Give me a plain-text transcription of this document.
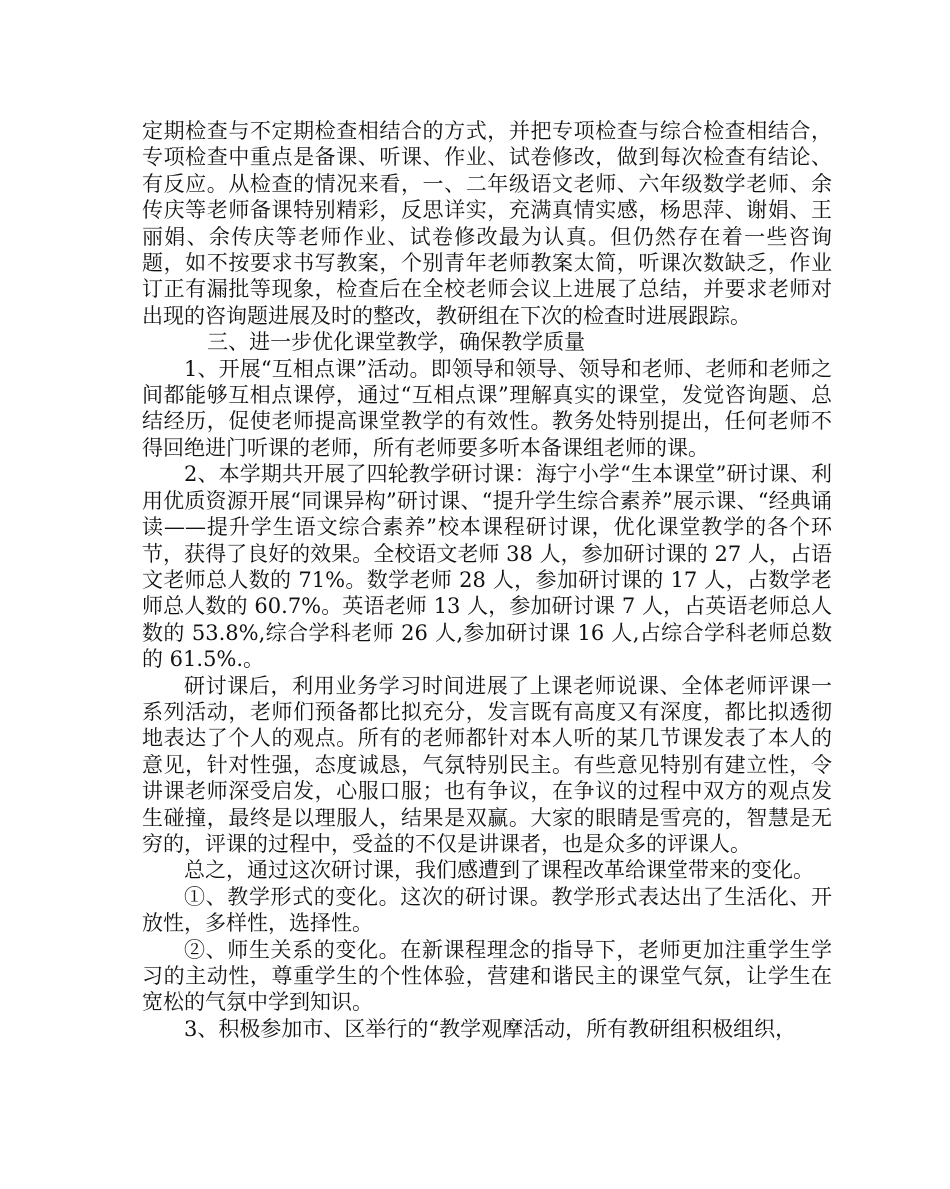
定期检查与不定期检查相结合的方式，并把专项检查与综合检查相结合，专项检查中重点是备课、听课、作业、试卷修改，做到每次检查有结论、有反应。从检查的情况来看，一、二年级语文老师、六年级数学老师、余传庆等老师备课特别精彩，反思详实，充满真情实感，杨思萍、谢娟、王丽娟、余传庆等老师作业、试卷修改最为认真。但仍然存在着一些咨询题，如不按要求书写教案，个别青年老师教案太简，听课次数缺乏，作业订正有漏批等现象，检查后在全校老师会议上进展了总结，并要求老师对出现的咨询题进展及时的整改，教研组在下次的检查时进展跟踪。

三、进一步优化课堂教学，确保教学质量

1、开展“互相点课”活动。即领导和领导、领导和老师、老师和老师之间都能够互相点课停，通过“互相点课”理解真实的课堂，发觉咨询题、总结经历，促使老师提高课堂教学的有效性。教务处特别提出，任何老师不得回绝进门听课的老师，所有老师要多听本备课组老师的课。

2、本学期共开展了四轮教学研讨课：海宁小学“生本课堂”研讨课、利用优质资源开展“同课异构”研讨课、“提升学生综合素养”展示课、“经典诵读——提升学生语文综合素养”校本课程研讨课，优化课堂教学的各个环节，获得了良好的效果。全校语文老师 38 人，参加研讨课的 27 人，占语文老师总人数的 71%。数学老师 28 人，参加研讨课的 17 人，占数学老师总人数的 60.7%。英语老师 13 人，参加研讨课 7 人，占英语老师总人数的 53.8%,综合学科老师 26 人,参加研讨课 16 人,占综合学科老师总数的 61.5%.。

研讨课后，利用业务学习时间进展了上课老师说课、全体老师评课一系列活动，老师们预备都比拟充分，发言既有高度又有深度，都比拟透彻地表达了个人的观点。所有的老师都针对本人听的某几节课发表了本人的意见，针对性强，态度诚恳，气氛特别民主。有些意见特别有建立性，令讲课老师深受启发，心服口服；也有争议，在争议的过程中双方的观点发生碰撞，最终是以理服人，结果是双赢。大家的眼睛是雪亮的，智慧是无穷的，评课的过程中，受益的不仅是讲课者，也是众多的评课人。

总之，通过这次研讨课，我们感遭到了课程改革给课堂带来的变化。

①、教学形式的变化。这次的研讨课。教学形式表达出了生活化、开放性，多样性，选择性。

②、师生关系的变化。在新课程理念的指导下，老师更加注重学生学习的主动性，尊重学生的个性体验，营建和谐民主的课堂气氛，让学生在宽松的气氛中学到知识。

3、积极参加市、区举行的“教学观摩活动，所有教研组积极组织，
